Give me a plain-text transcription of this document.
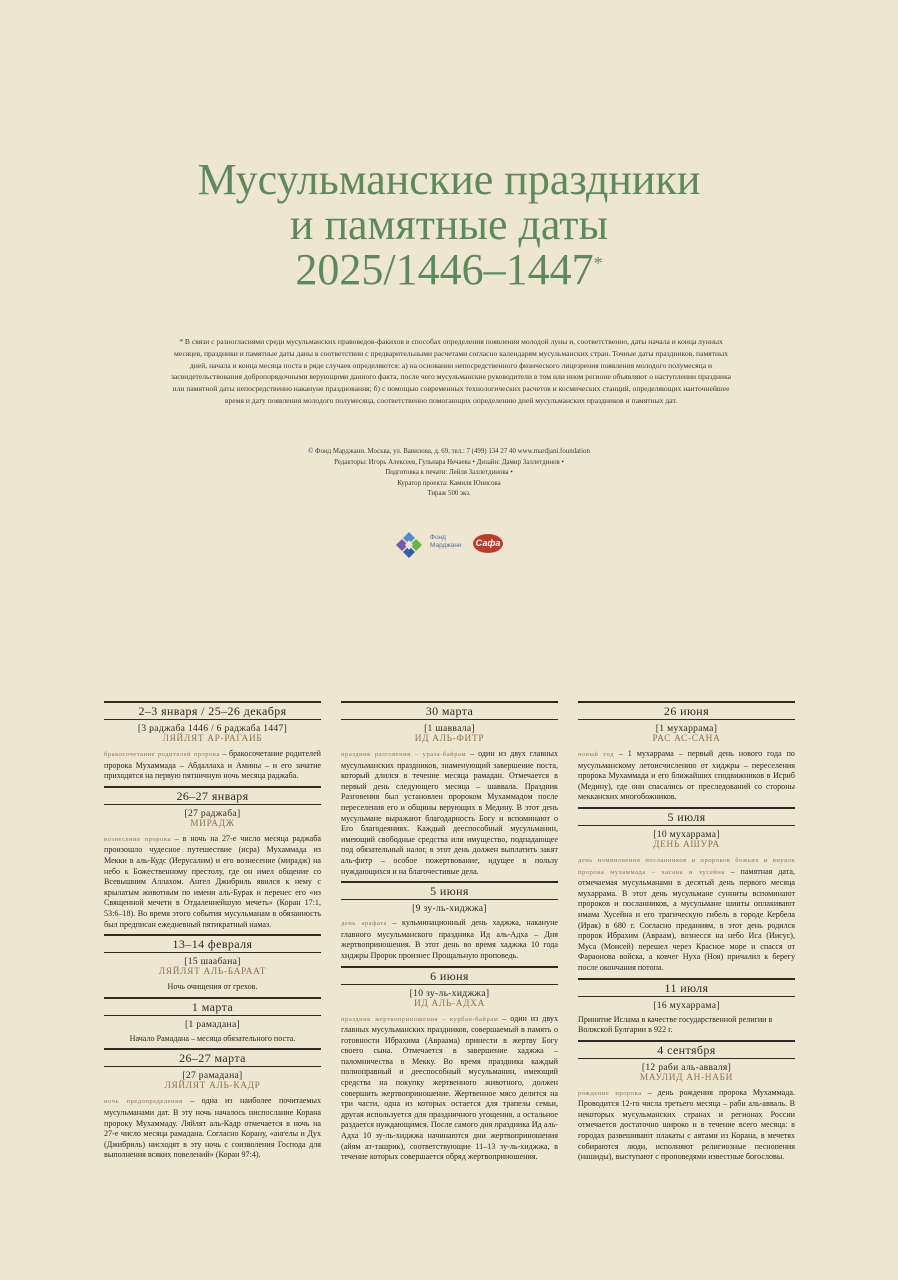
Мусульманские праздники
и памятные даты
2025/1446–1447*
* В связи с разногласиями среди мусульманских правоведов-факихов в способах определения появления молодой луны и, соответственно, даты начала и конца лунных месяцев, праздники и памятные даты даны в соответствии с предварительными расчетами согласно календарям мусульманских стран. Точные даты праздников, памятных дней, начала и конца месяца поста в ряде случаев определяются: а) на основании непосредственного физического лицезрения появления молодого полумесяца и засвидетельствования добропорядочными верующими данного факта, после чего мусульманские руководители в том или ином регионе объявляют о наступлении праздника или памятной даты непосредственно накануне празднования; б) с помощью современных технологических расчетов и космических станций, определяющих наиточнейшее время и дату появления молодого полумесяца, соответственно помогающих определению дней мусульманских праздников и памятных дат.
© Фонд Марджани. Москва, ул. Вавилова, д. 69, тел.: 7 (499) 134 27 40 www.mardjani.foundation
Редакторы: Игорь Алексеев, Гульнара Нечаева • Дизайн: Дамир Заллетдинов •
Подготовка к печати: Лейля Заллетдинова •
Куратор проекта: Камиля Юнисова
Тираж 500 экз.
Фонд
Марджани Сафа
2–3 января / 25–26 декабря
[3 раджаба 1446 / 6 раджаба 1447]
ЛЯЙЛЯТ АР-РАГАИБ
бракосочетание родителей пророка – бракосочетание родителей пророка Мухаммада – Абдаллаха и Амины – и его зачатие приходятся на первую пятничную ночь месяца раджаба.
26–27 января
[27 раджаба]
МИРАДЖ
вознесение пророка – в ночь на 27-е число месяца раджаба произошло чудесное путешествие (исра) Мухаммада из Мекки в аль-Кудс (Иерусалим) и его вознесение (мирадж) на небо к Божественному престолу, где он имел общение со Всевышним Аллахом. Ангел Джибриль явился к нему с крылатым животным по имени аль-Бурак и перенес его «из Священной мечети в Отдаленнейшую мечеть» (Коран 17:1, 53:6–18). Во время этого события мусульманам в обязанность был предписан ежедневный пятикратный намаз.
13–14 февраля
[15 шаабана]
ЛЯЙЛЯТ АЛЬ-БАРААТ
Ночь очищения от грехов.
1 марта
[1 рамадана]
Начало Рамадана – месяца обязательного поста.
26–27 марта
[27 рамадана]
ЛЯЙЛЯТ АЛЬ-КАДР
ночь предопределения – одна из наиболее почитаемых мусульманами дат. В эту ночь началось ниспослание Корана пророку Мухаммаду. Ляйлят аль-Кадр отмечается в ночь на 27-е число месяца рамадана. Согласно Корану, «ангелы и Дух (Джибриль) нисходят в эту ночь с соизволения Господа для выполнения всяких повелений» (Коран 97:4).
30 марта
[1 шаввала]
ИД АЛЬ-ФИТР
праздник разговения – ураза-байрам – один из двух главных мусульманских праздников, знаменующий завершение поста, который длился в течение месяца рамадан. Отмечается в первый день следующего месяца – шаввала. Праздник Разговения был установлен пророком Мухаммадом после переселения его и общины верующих в Медину. В этот день мусульмане выражают благодарность Богу и вспоминают о Его благодеяниях. Каждый дееспособный мусульманин, имеющий свободные средства или имущество, подпадающее под обязательный налог, в этот день должен выплатить закят аль-фитр – особое пожертвование, идущее в пользу нуждающихся и на благочестивые дела.
5 июня
[9 зу-ль-хиджжа]
день арафата – кульминационный день хаджжа, накануне главного мусульманского праздника Ид аль-Адха – Дня жертвоприношения. В этот день во время хаджжа 10 года хиджры Пророк произнес Прощальную проповедь.
6 июня
[10 зу-ль-хиджжа]
ИД АЛЬ-АДХА
праздник жертвоприношения – курбан-байрам – один из двух главных мусульманских праздников, совершаемый в память о готовности Ибрахима (Авраама) принести в жертву Богу своего сына. Отмечается в завершение хаджжа – паломничества в Мекку. Во время праздника каждый полноправный и дееспособный мусульманин, имеющий средства на покупку жертвенного животного, должен совершить жертвоприношение. Жертвенное мясо делится на три части, одна из которых остается для трапезы семьи, другая используется для праздничного угощения, а остальное раздается нуждающимся. После самого дня праздника Ид аль-Адха 10 зу-ль-хиджжа начинаются дни жертвоприношения (айям ат-ташрик), соответствующие 11–13 зу-ль-хиджжа, в течение которых совершается обряд жертвоприношения.
26 июня
[1 мухаррама]
РАС АС-САНА
новый год – 1 мухаррама – первый день нового года по мусульманскому летоисчислению от хиджры – переселения пророка Мухаммада и его ближайших сподвижников в Исриб (Медину), где они спасались от преследований со стороны мекканских многобожников.
5 июля
[10 мухаррама]
ДЕНЬ АШУРА
день поминовения посланников и пророков божьих и внуков пророка мухаммада – хасана и хусейна – памятная дата, отмечаемая мусульманами в десятый день первого месяца мухаррама. В этот день мусульмане сунниты вспоминают пророков и посланников, а мусульмане шииты оплакивают имама Хусейна и его трагическую гибель в городе Кербела (Ирак) в 680 г. Согласно преданиям, в этот день родился пророк Ибрахим (Авраам), вознесся на небо Иса (Иисус), Муса (Моисей) перешел через Красное море и спасся от Фараонова войска, а ковчег Нуха (Ноя) причалил к берегу после окончания потопа.
11 июля
[16 мухаррама]
Принятие Ислама в качестве государственной религии в Волжской Булгарии в 922 г.
4 сентября
[12 раби аль-авваля]
МАУЛИД АН-НАБИ
рождение пророка – день рождения пророка Мухаммада. Проводится 12-го числа третьего месяца – раби аль-авваль. В некоторых мусульманских странах и регионах России отмечается достаточно широко и в течение всего месяца: в городах развешивают плакаты с аятами из Корана, в мечетях собираются люди, исполняют религиозные песнопения (нашиды), выступают с проповедями известные богословы.
